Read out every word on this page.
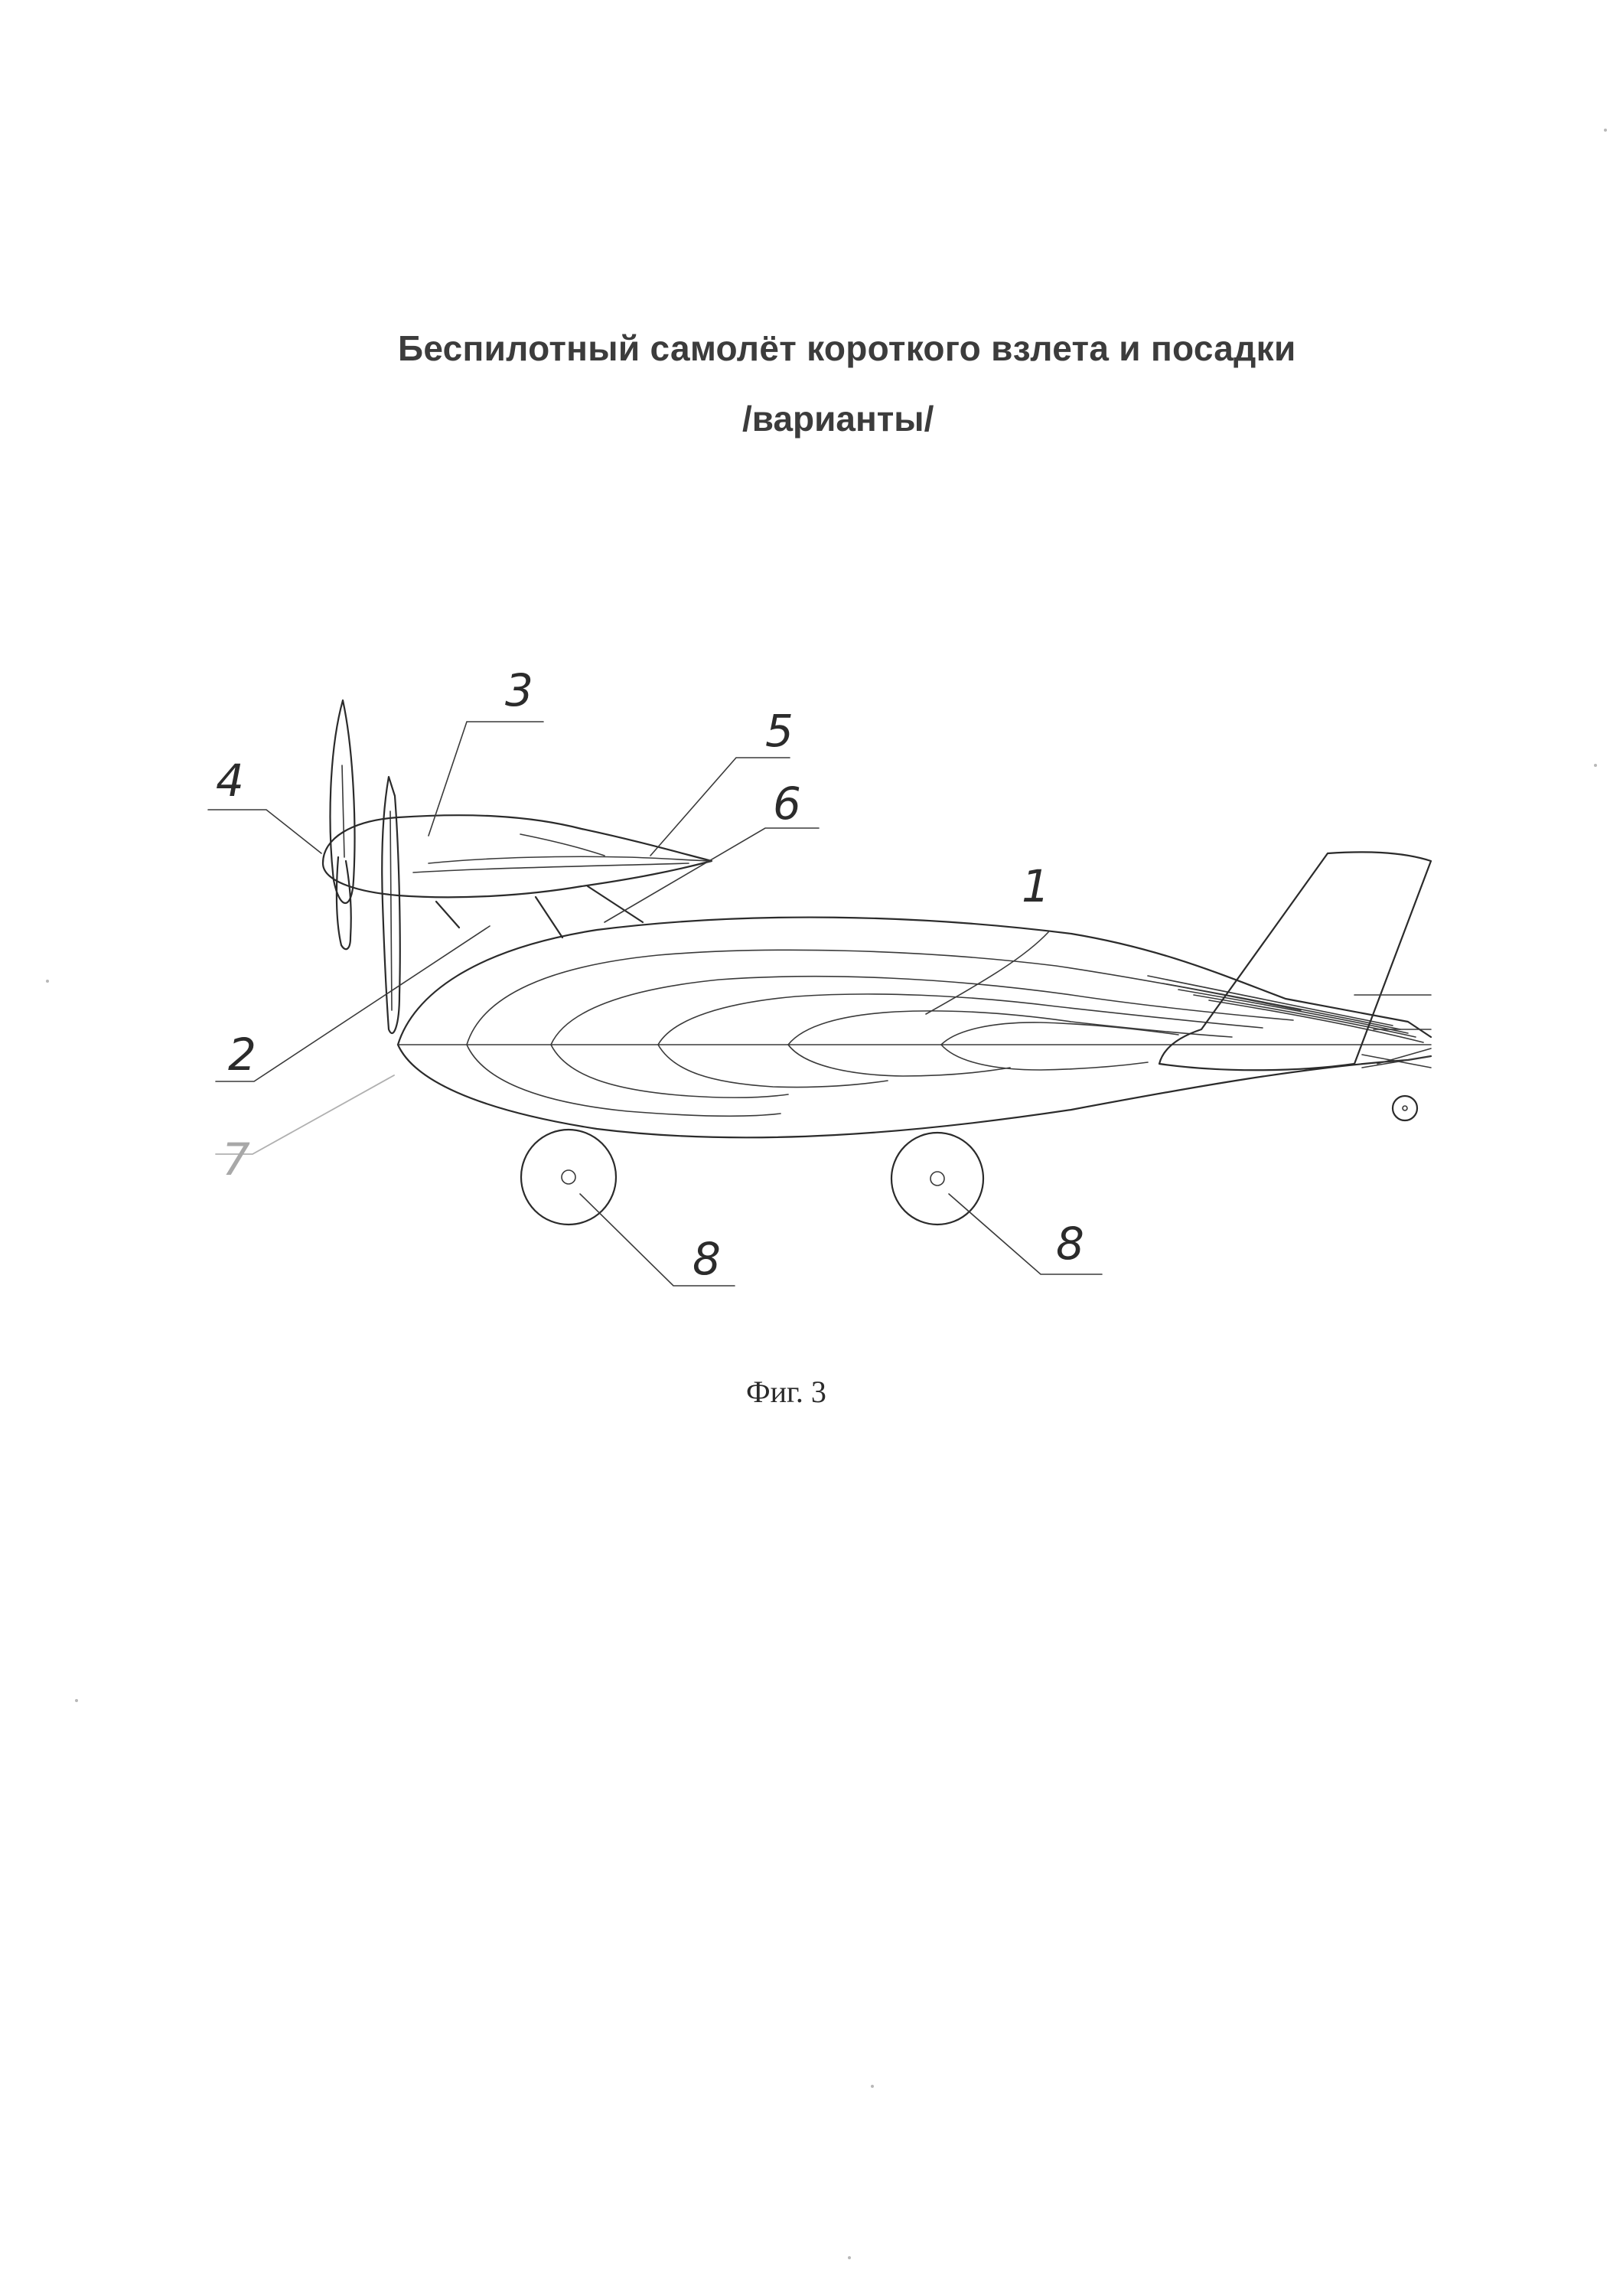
Беспилотный самолёт короткого взлета и посадки
/варианты/
3
4
5
6
1
2
7
8	8
Фиг. 3
